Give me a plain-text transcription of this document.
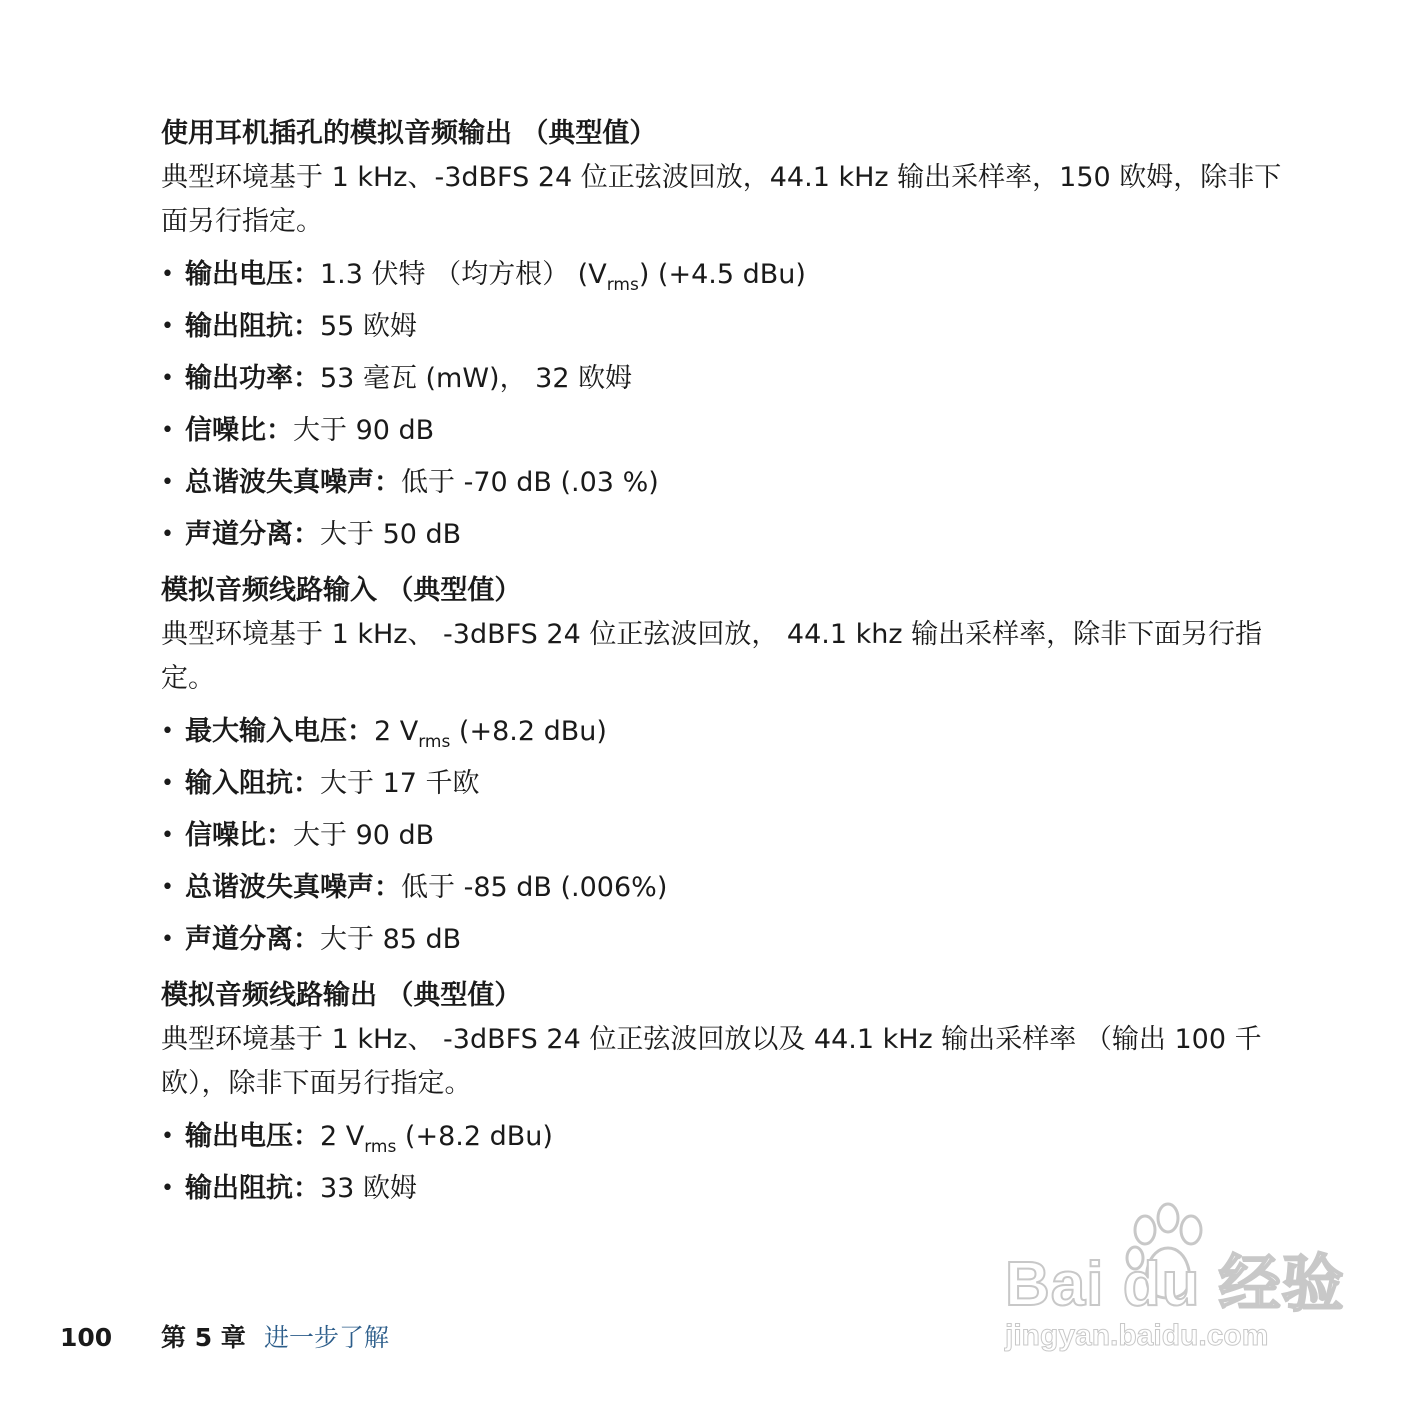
使用耳机插孔的模拟音频输出 （典型值）
典型环境基于 1 kHz、-3dBFS 24 位正弦波回放，44.1 kHz 输出采样率，150 欧姆，除非下面另行指定。
• 输出电压：1.3 伏特 （均方根） $(V_{rms})$ (+4.5 dBu)
• 输出阻抗：55 欧姆
• 输出功率：53 毫瓦 (mW)， 32 欧姆
• 信噪比：大于 90 dB
• 总谐波失真噪声：低于 -70 dB (.03 %)
• 声道分离：大于 50 dB
模拟音频线路输入 （典型值）
典型环境基于 1 kHz、 -3dBFS 24 位正弦波回放， 44.1 khz 输出采样率，除非下面另行指定。
• 最大输入电压：2 $V_{rms}$ (+8.2 dBu)
• 输入阻抗：大于 17 千欧
• 信噪比：大于 90 dB
• 总谐波失真噪声：低于 -85 dB (.006%)
• 声道分离：大于 85 dB
模拟音频线路输出 （典型值）
典型环境基于 1 kHz、 -3dBFS 24 位正弦波回放以及 44.1 kHz 输出采样率 （输出 100 千欧），除非下面另行指定。
• 输出电压：2 $V_{rms}$ (+8.2 dBu)
• 输出阻抗：33 欧姆
Bai du 经验
jingyan.baidu.com
100 第 5 章 进一步了解
